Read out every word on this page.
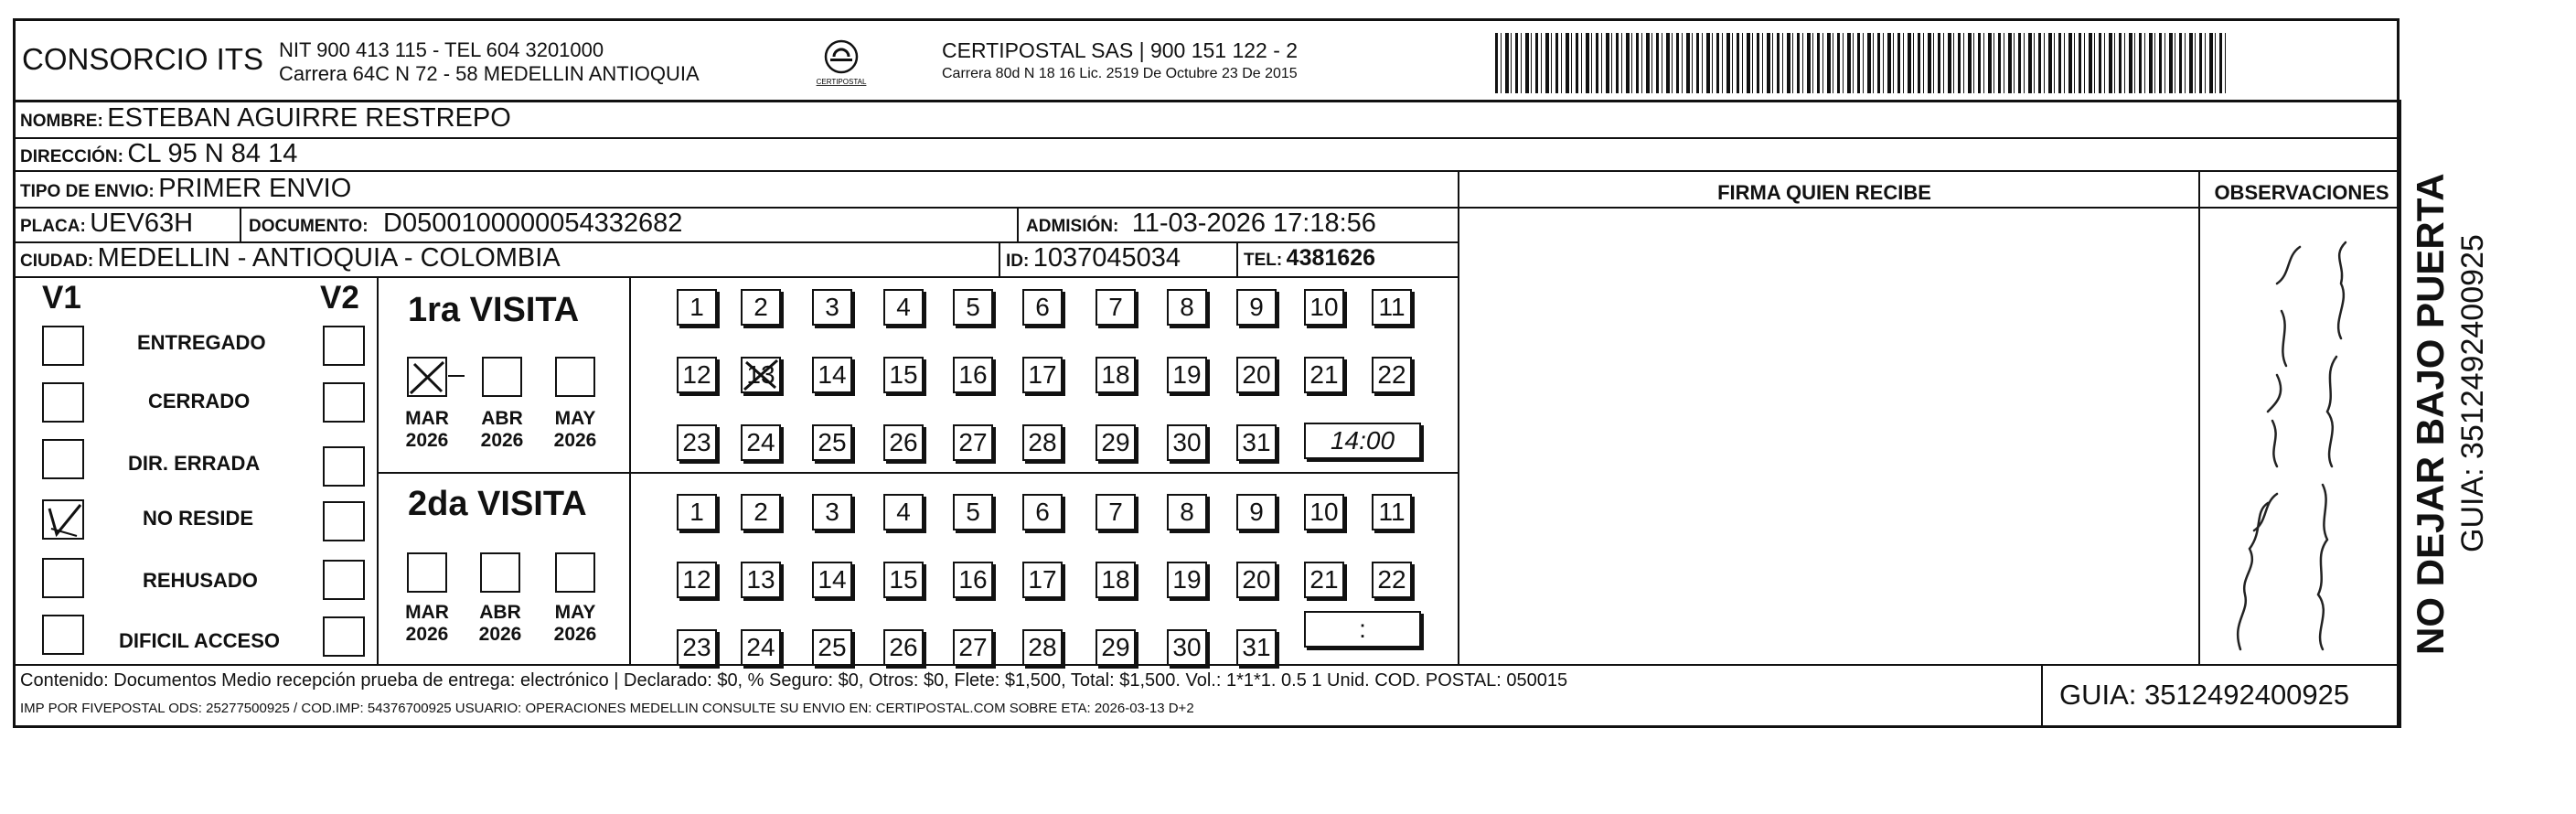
CONSORCIO ITS NIT 900 413 115 - TEL 604 3201000
Carrera 64C N 72 - 58 MEDELLIN ANTIOQUIA	CERTIPOSTAL
CERTIPOSTAL SAS | 900 151 122 - 2
Carrera 80d N 18 16 Lic. 2519 De Octubre 23 De 2015
NOMBRE: ESTEBAN AGUIRRE RESTREPO
DIRECCIÓN: CL 95 N 84 14
TIPO DE ENVIO: PRIMER ENVIO	FIRMA QUIEN RECIBE	OBSERVACIONES
PLACA: UEV63H	DOCUMENTO: D0500100000054332682	ADMISIÓN: 11-03-2026 17:18:56
CIUDAD: MEDELLIN - ANTIOQUIA - COLOMBIA	ID: 1037045034	TEL: 4381626
V1	V2
ENTREGADO
CERRADO
DIR. ERRADA
NO RESIDE
REHUSADO
DIFICIL ACCESO
1ra VISITA
MAR
2026
ABR
2026
MAY
2026
2da VISITA
MAR
2026
ABR
2026
MAY
2026
1	2	3	4	5	6	7	8	9	10 11
12 13 14 15 16 17 18 19 20 21 22
23 24 25 26 27 28 29 30 31
1	2	3	4	5	6	7	8	9	10 11
12 13 14 15 16 17 18 19 20 21 22
23 24 25 26 27 28 29 30 31
14:00
:
Contenido: Documentos Medio recepción prueba de entrega: electrónico | Declarado: $0, % Seguro: $0, Otros: $0, Flete: $1,500, Total: $1,500. Vol.: 1*1*1. 0.5 1 Unid. COD. POSTAL: 050015
IMP POR FIVEPOSTAL ODS: 25277500925 / COD.IMP: 54376700925 USUARIO: OPERACIONES MEDELLIN CONSULTE SU ENVIO EN: CERTIPOSTAL.COM SOBRE ETA: 2026-03-13 D+2	GUIA: 3512492400925
NO DEJAR BAJO PUERTA GUIA: 3512492400925
